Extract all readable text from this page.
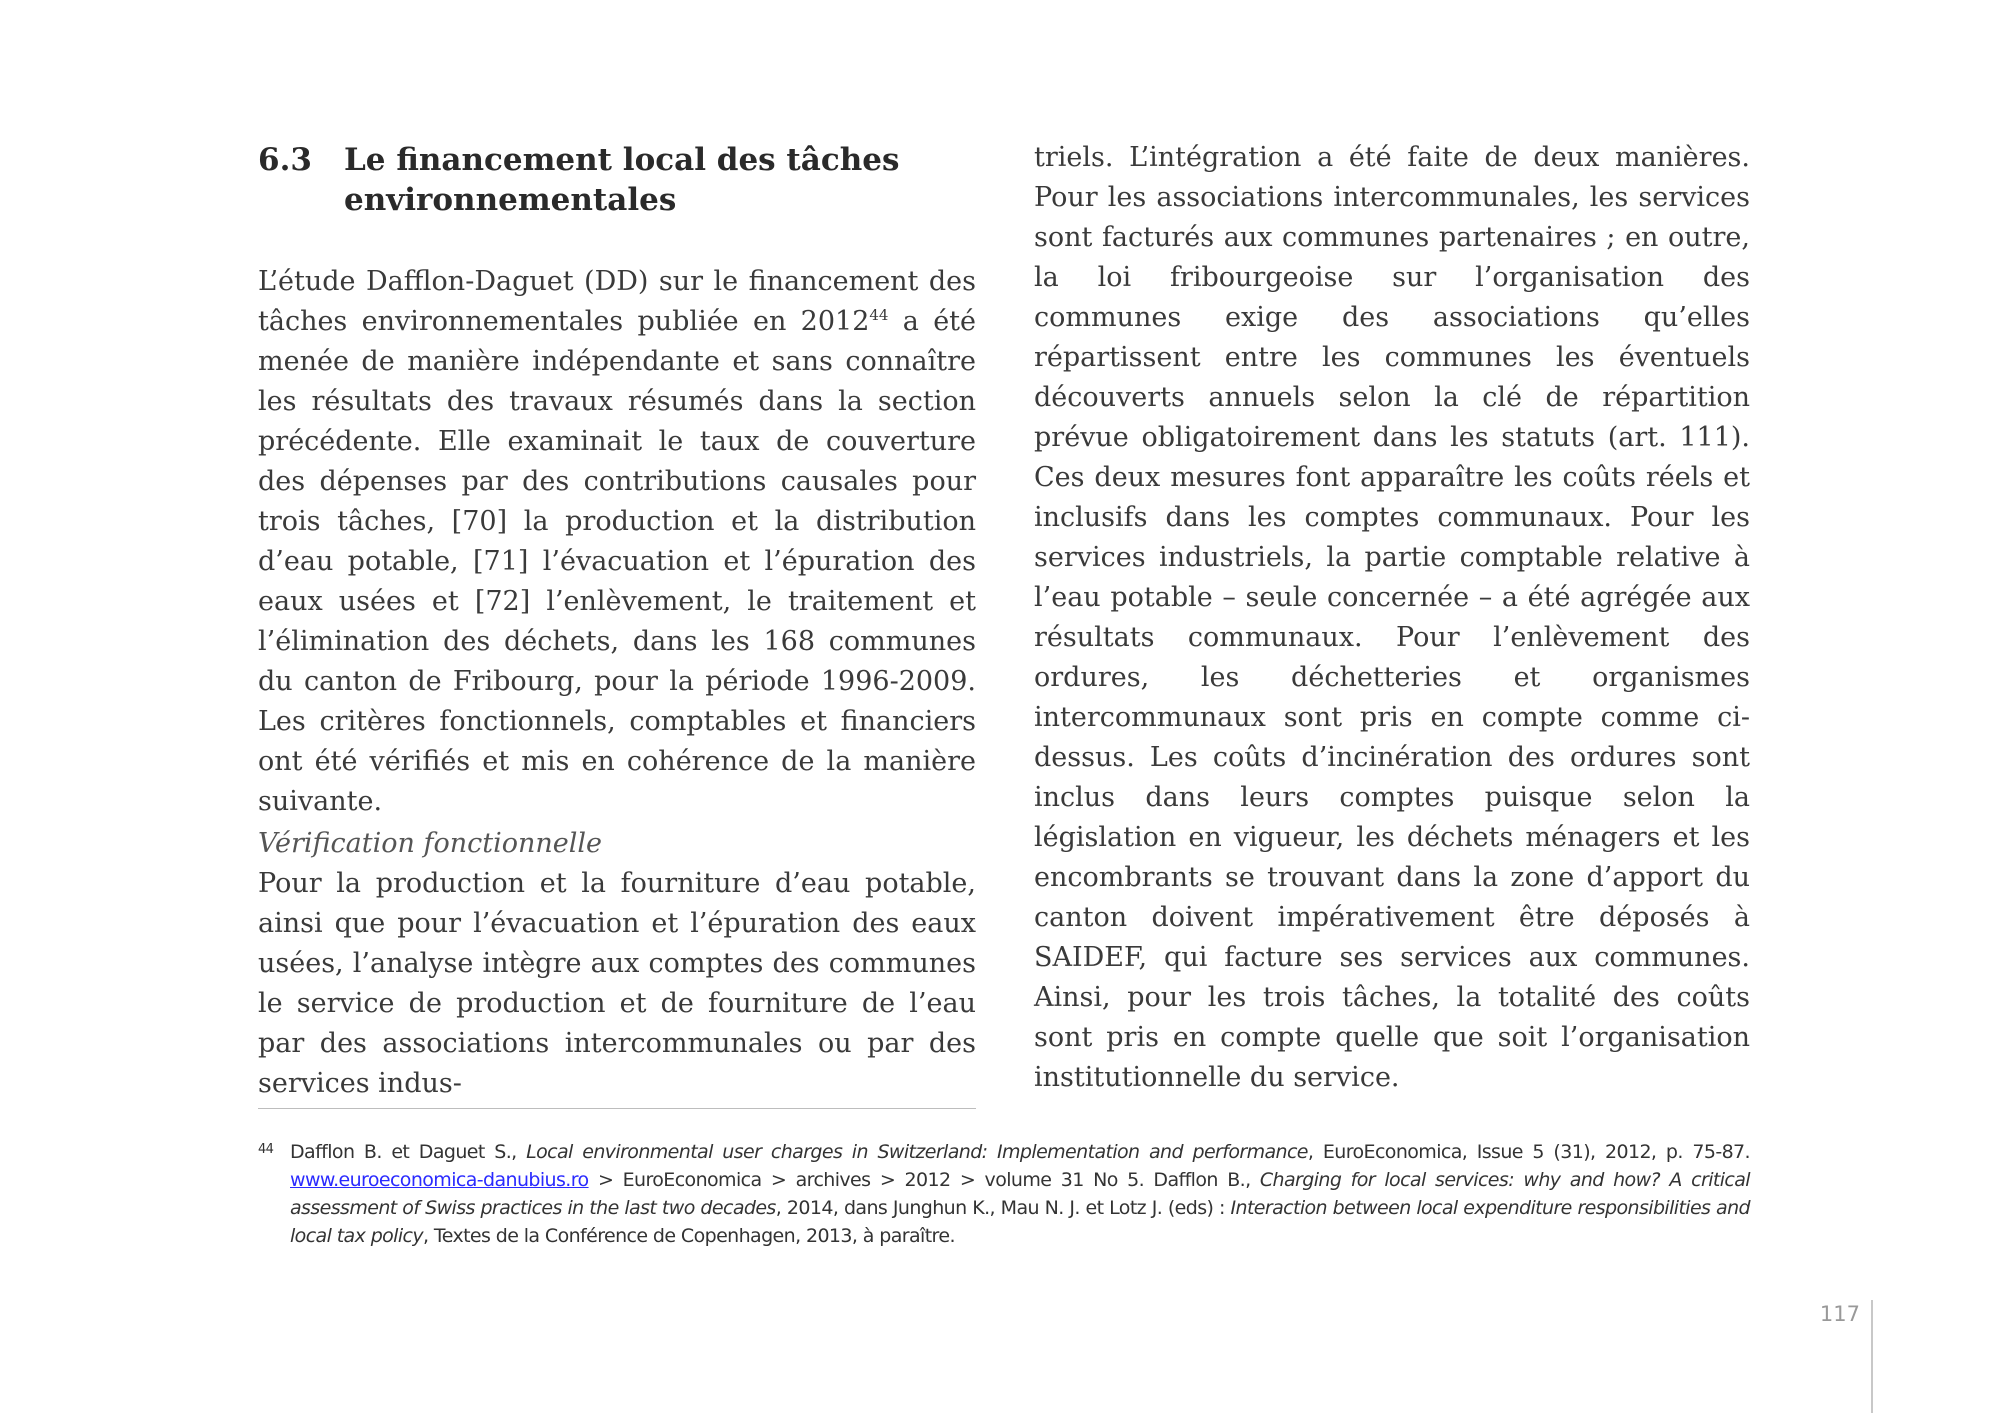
6.3	Le financement local des tâches environnementales

L’étude Dafflon-Daguet (DD) sur le financement des tâches environnementales publiée en 2012$^{44}$ a été menée de manière indépendante et sans connaître les résultats des travaux résumés dans la section précédente. Elle examinait le taux de couverture des dépenses par des contributions causales pour trois tâches, [70] la production et la distribution d’eau potable, [71] l’évacuation et l’épuration des eaux usées et [72] l’enlèvement, le traitement et l’élimination des déchets, dans les 168 communes du canton de Fribourg, pour la période 1996-2009. Les critères fonctionnels, comptables et financiers ont été vérifiés et mis en cohérence de la manière suivante.

Vérification fonctionnelle

Pour la production et la fourniture d’eau potable, ainsi que pour l’évacuation et l’épuration des eaux usées, l’analyse intègre aux comptes des communes le service de production et de fourniture de l’eau par des associations intercommunales ou par des services indus-

triels. L’intégration a été faite de deux manières. Pour les associations intercommunales, les services sont facturés aux communes partenaires ; en outre, la loi fribourgeoise sur l’organisation des communes exige des associations qu’elles répartissent entre les communes les éventuels découverts annuels selon la clé de répartition prévue obligatoirement dans les statuts (art. 111). Ces deux mesures font apparaître les coûts réels et inclusifs dans les comptes communaux. Pour les services industriels, la partie comptable relative à l’eau potable – seule concernée – a été agrégée aux résultats communaux. Pour l’enlèvement des ordures, les déchetteries et organismes intercommunaux sont pris en compte comme ci-dessus. Les coûts d’incinération des ordures sont inclus dans leurs comptes puisque selon la législation en vigueur, les déchets ménagers et les encombrants se trouvant dans la zone d’apport du canton doivent impérativement être déposés à SAIDEF, qui facture ses services aux communes. Ainsi, pour les trois tâches, la totalité des coûts sont pris en compte quelle que soit l’organisation institutionnelle du service.

44 Dafflon B. et Daguet S., Local environmental user charges in Switzerland: Implementation and performance, EuroEconomica, Issue 5 (31), 2012, p. 75-87. www.euroeconomica-danubius.ro > EuroEconomica > archives > 2012 > volume 31 No 5. Dafflon B., Charging for local services: why and how? A critical assessment of Swiss practices in the last two decades, 2014, dans Junghun K., Mau N. J. et Lotz J. (eds) : Interaction between local expenditure responsibilities and local tax policy, Textes de la Conférence de Copenhagen, 2013, à paraître.
117
